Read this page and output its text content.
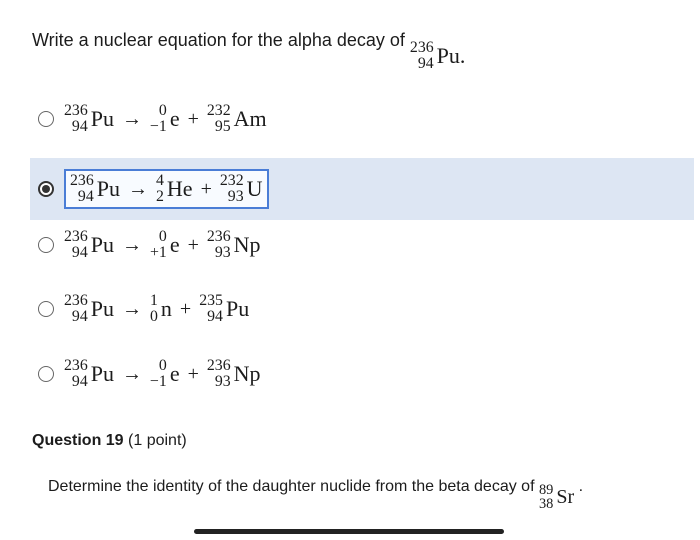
Write a nuclear equation for the alpha decay of 236
94 Pu.
236
94 Pu → 0
−1 e + 232
95 Am
236
94 Pu → 4
2 He + 232
93 U
236
94 Pu → 0
+1 e + 236
93 Np
236
94 Pu → 1
0 n + 235
94 Pu
236
94 Pu → 0
−1 e + 236
93 Np
Question 19 (1 point)
Determine the identity of the daughter nuclide from the beta decay of 89
38 Sr .
